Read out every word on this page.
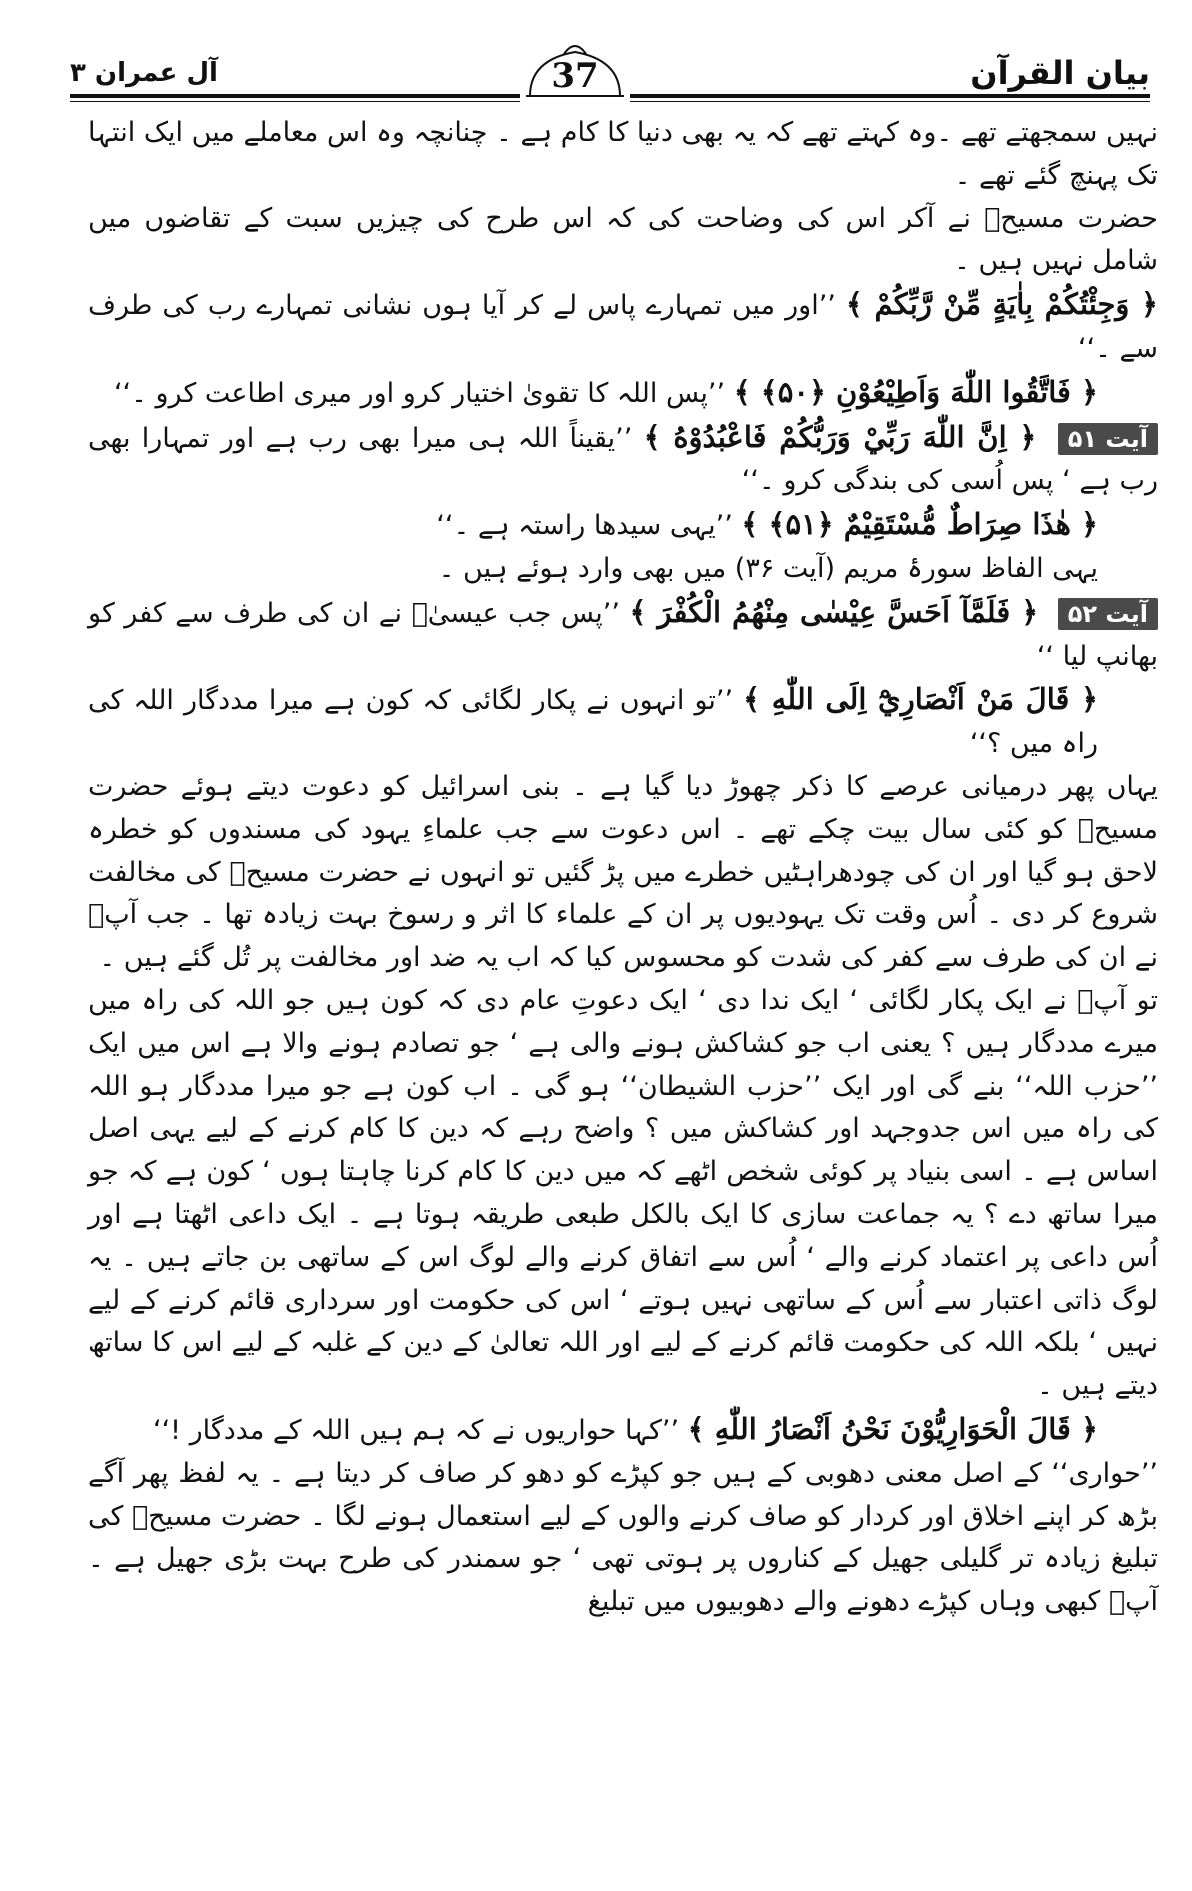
بیان القرآن
آل عمران ۳	37

نہیں سمجھتے تھے ۔وہ کہتے تھے کہ یہ بھی دنیا کا کام ہے ۔ چنانچہ وہ اس معاملے میں ایک انتہا تک پہنچ گئے تھے ۔

حضرت مسیحؑ نے آکر اس کی وضاحت کی کہ اس طرح کی چیزیں سبت کے تقاضوں میں شامل نہیں ہیں ۔

﴿ وَجِئْتُكُمْ بِاٰيَةٍ مِّنْ رَّبِّكُمْ ﴾ ’’اور میں تمہارے پاس لے کر آیا ہوں نشانی تمہارے رب کی طرف سے ۔‘‘

﴿ فَاتَّقُوا اللّٰهَ وَاَطِيْعُوْنِ ﴿۵۰﴾ ﴾ ’’پس اللہ کا تقویٰ اختیار کرو اور میری اطاعت کرو ۔‘‘

آیت ۵۱ ﴿ اِنَّ اللّٰهَ رَبِّيْ وَرَبُّكُمْ فَاعْبُدُوْهُ ﴾ ’’یقیناً اللہ ہی میرا بھی رب ہے اور تمہارا بھی رب ہے ‘ پس اُسی کی بندگی کرو ۔‘‘

﴿ هٰذَا صِرَاطٌ مُّسْتَقِيْمٌ ﴿۵۱﴾ ﴾ ’’یہی سیدھا راستہ ہے ۔‘‘

یہی الفاظ سورۂ مریم (آیت ۳۶) میں بھی وارد ہوئے ہیں ۔

آیت ۵۲ ﴿ فَلَمَّآ اَحَسَّ عِيْسٰى مِنْهُمُ الْكُفْرَ ﴾ ’’پس جب عیسیٰؑ نے ان کی طرف سے کفر کو بھانپ لیا ‘‘

﴿ قَالَ مَنْ اَنْصَارِيْٓ اِلَى اللّٰهِ ﴾ ’’تو انہوں نے پکار لگائی کہ کون ہے میرا مددگار اللہ کی راہ میں ؟‘‘

یہاں پھر درمیانی عرصے کا ذکر چھوڑ دیا گیا ہے ۔ بنی اسرائیل کو دعوت دیتے ہوئے حضرت مسیحؑ کو کئی سال بیت چکے تھے ۔ اس دعوت سے جب علماءِ یہود کی مسندوں کو خطرہ لاحق ہو گیا اور ان کی چودھراہٹیں خطرے میں پڑ گئیں تو انہوں نے حضرت مسیحؑ کی مخالفت شروع کر دی ۔ اُس وقت تک یہودیوں پر ان کے علماء کا اثر و رسوخ بہت زیادہ تھا ۔ جب آپؑ نے ان کی طرف سے کفر کی شدت کو محسوس کیا کہ اب یہ ضد اور مخالفت پر تُل گئے ہیں ۔

تو آپؑ نے ایک پکار لگائی ‘ ایک ندا دی ‘ ایک دعوتِ عام دی کہ کون ہیں جو اللہ کی راہ میں میرے مددگار ہیں ؟ یعنی اب جو کشاکش ہونے والی ہے ‘ جو تصادم ہونے والا ہے اس میں ایک ’’حزب اللہ‘‘ بنے گی اور ایک ’’حزب الشیطان‘‘ ہو گی ۔ اب کون ہے جو میرا مددگار ہو اللہ کی راہ میں اس جدوجہد اور کشاکش میں ؟ واضح رہے کہ دین کا کام کرنے کے لیے یہی اصل اساس ہے ۔ اسی بنیاد پر کوئی شخص اٹھے کہ میں دین کا کام کرنا چاہتا ہوں ‘ کون ہے کہ جو میرا ساتھ دے ؟ یہ جماعت سازی کا ایک بالکل طبعی طریقہ ہوتا ہے ۔ ایک داعی اٹھتا ہے اور اُس داعی پر اعتماد کرنے والے ‘ اُس سے اتفاق کرنے والے لوگ اس کے ساتھی بن جاتے ہیں ۔ یہ لوگ ذاتی اعتبار سے اُس کے ساتھی نہیں ہوتے ‘ اس کی حکومت اور سرداری قائم کرنے کے لیے نہیں ‘ بلکہ اللہ کی حکومت قائم کرنے کے لیے اور اللہ تعالیٰ کے دین کے غلبہ کے لیے اس کا ساتھ دیتے ہیں ۔

﴿ قَالَ الْحَوَارِيُّوْنَ نَحْنُ اَنْصَارُ اللّٰهِ ﴾ ’’کہا حواریوں نے کہ ہم ہیں اللہ کے مددگار !‘‘

’’حواری‘‘ کے اصل معنی دھوبی کے ہیں جو کپڑے کو دھو کر صاف کر دیتا ہے ۔ یہ لفظ پھر آگے بڑھ کر اپنے اخلاق اور کردار کو صاف کرنے والوں کے لیے استعمال ہونے لگا ۔ حضرت مسیحؑ کی تبلیغ زیادہ تر گلیلی جھیل کے کناروں پر ہوتی تھی ‘ جو سمندر کی طرح بہت بڑی جھیل ہے ۔ آپؑ کبھی وہاں کپڑے دھونے والے دھوبیوں میں تبلیغ
